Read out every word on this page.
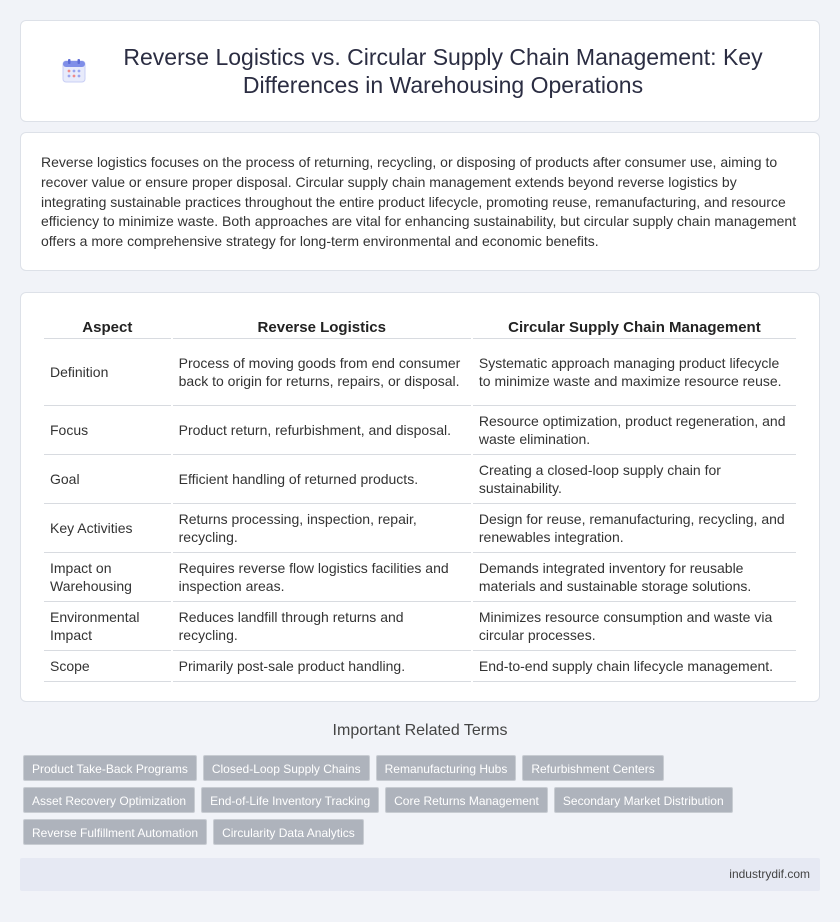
Reverse Logistics vs. Circular Supply Chain Management: Key Differences in Warehousing Operations

Reverse logistics focuses on the process of returning, recycling, or disposing of products after consumer use, aiming to recover value or ensure proper disposal. Circular supply chain management extends beyond reverse logistics by integrating sustainable practices throughout the entire product lifecycle, promoting reuse, remanufacturing, and resource efficiency to minimize waste. Both approaches are vital for enhancing sustainability, but circular supply chain management offers a more comprehensive strategy for long-term environmental and economic benefits.

Aspect	Reverse Logistics	Circular Supply Chain Management
Definition	Process of moving goods from end consumer back to origin for returns, repairs, or disposal.	Systematic approach managing product lifecycle to minimize waste and maximize resource reuse.
Focus	Product return, refurbishment, and disposal.	Resource optimization, product regeneration, and waste elimination.
Goal	Efficient handling of returned products.	Creating a closed-loop supply chain for sustainability.
Key Activities	Returns processing, inspection, repair, recycling.	Design for reuse, remanufacturing, recycling, and renewables integration.
Impact on Warehousing	Requires reverse flow logistics facilities and inspection areas.	Demands integrated inventory for reusable materials and sustainable storage solutions.
Environmental Impact	Reduces landfill through returns and recycling.	Minimizes resource consumption and waste via circular processes.
Scope	Primarily post-sale product handling.	End-to-end supply chain lifecycle management.
Important Related Terms
Product Take-Back Programs	Closed-Loop Supply Chains	Remanufacturing Hubs	Refurbishment Centers
Asset Recovery Optimization	End-of-Life Inventory Tracking	Core Returns Management	Secondary Market Distribution
Reverse Fulfillment Automation	Circularity Data Analytics
industrydif.com
